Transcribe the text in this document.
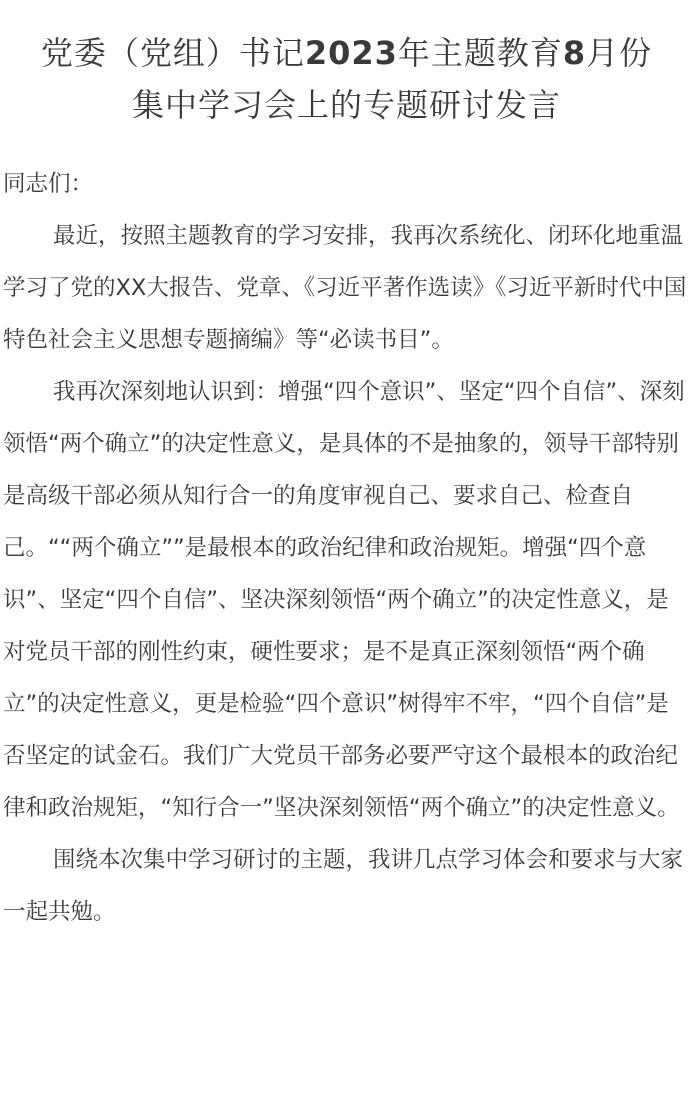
党委（党组）书记2023年主题教育8月份
集中学习会上的专题研讨发言

同志们：

最近，按照主题教育的学习安排，我再次系统化、闭环化地重温学习了党的XX大报告、党章、《习近平著作选读》《习近平新时代中国特色社会主义思想专题摘编》等“必读书目”。

我再次深刻地认识到：增强“四个意识”、坚定“四个自信”、深刻领悟“两个确立”的决定性意义，是具体的不是抽象的，领导干部特别是高级干部必须从知行合一的角度审视自己、要求自己、检查自己。““两个确立””是最根本的政治纪律和政治规矩。增强“四个意识”、坚定“四个自信”、坚决深刻领悟“两个确立”的决定性意义，是对党员干部的刚性约束，硬性要求；是不是真正深刻领悟“两个确立”的决定性意义，更是检验“四个意识”树得牢不牢，“四个自信”是否坚定的试金石。我们广大党员干部务必要严守这个最根本的政治纪律和政治规矩，“知行合一”坚决深刻领悟“两个确立”的决定性意义。

围绕本次集中学习研讨的主题，我讲几点学习体会和要求与大家一起共勉。
